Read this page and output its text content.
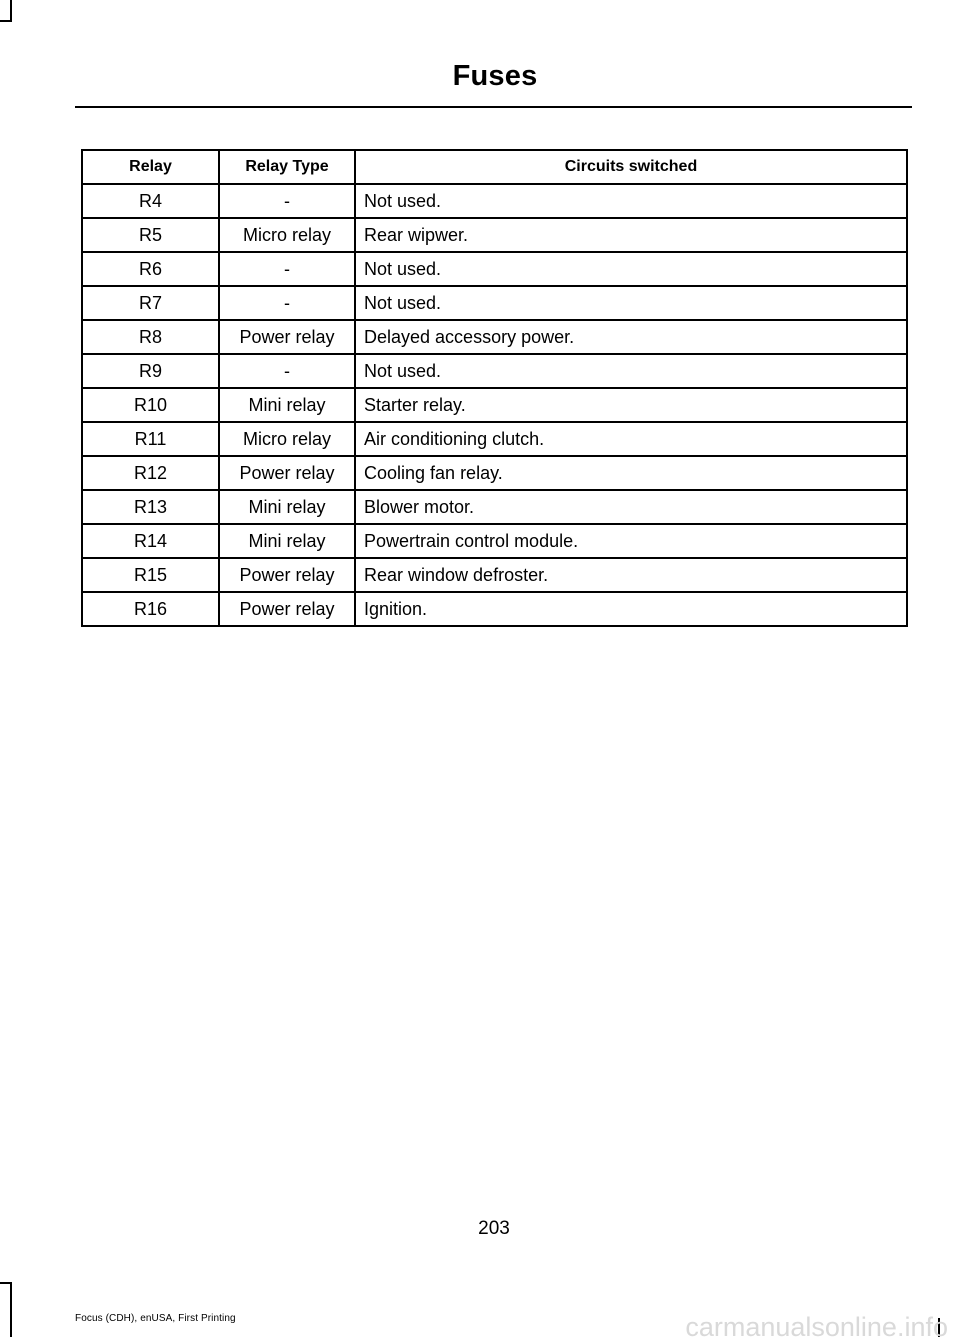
Fuses
Relay	Relay Type	Circuits switched
R4	-	Not used.
R5	Micro relay	Rear wipwer.
R6	-	Not used.
R7	-	Not used.
R8	Power relay	Delayed accessory power.
R9	-	Not used.
R10	Mini relay	Starter relay.
R11	Micro relay	Air conditioning clutch.
R12	Power relay	Cooling fan relay.
R13	Mini relay	Blower motor.
R14	Mini relay	Powertrain control module.
R15	Power relay	Rear window defroster.
R16	Power relay	Ignition.
203
Focus (CDH), enUSA, First Printing	carmanualsonline.info
